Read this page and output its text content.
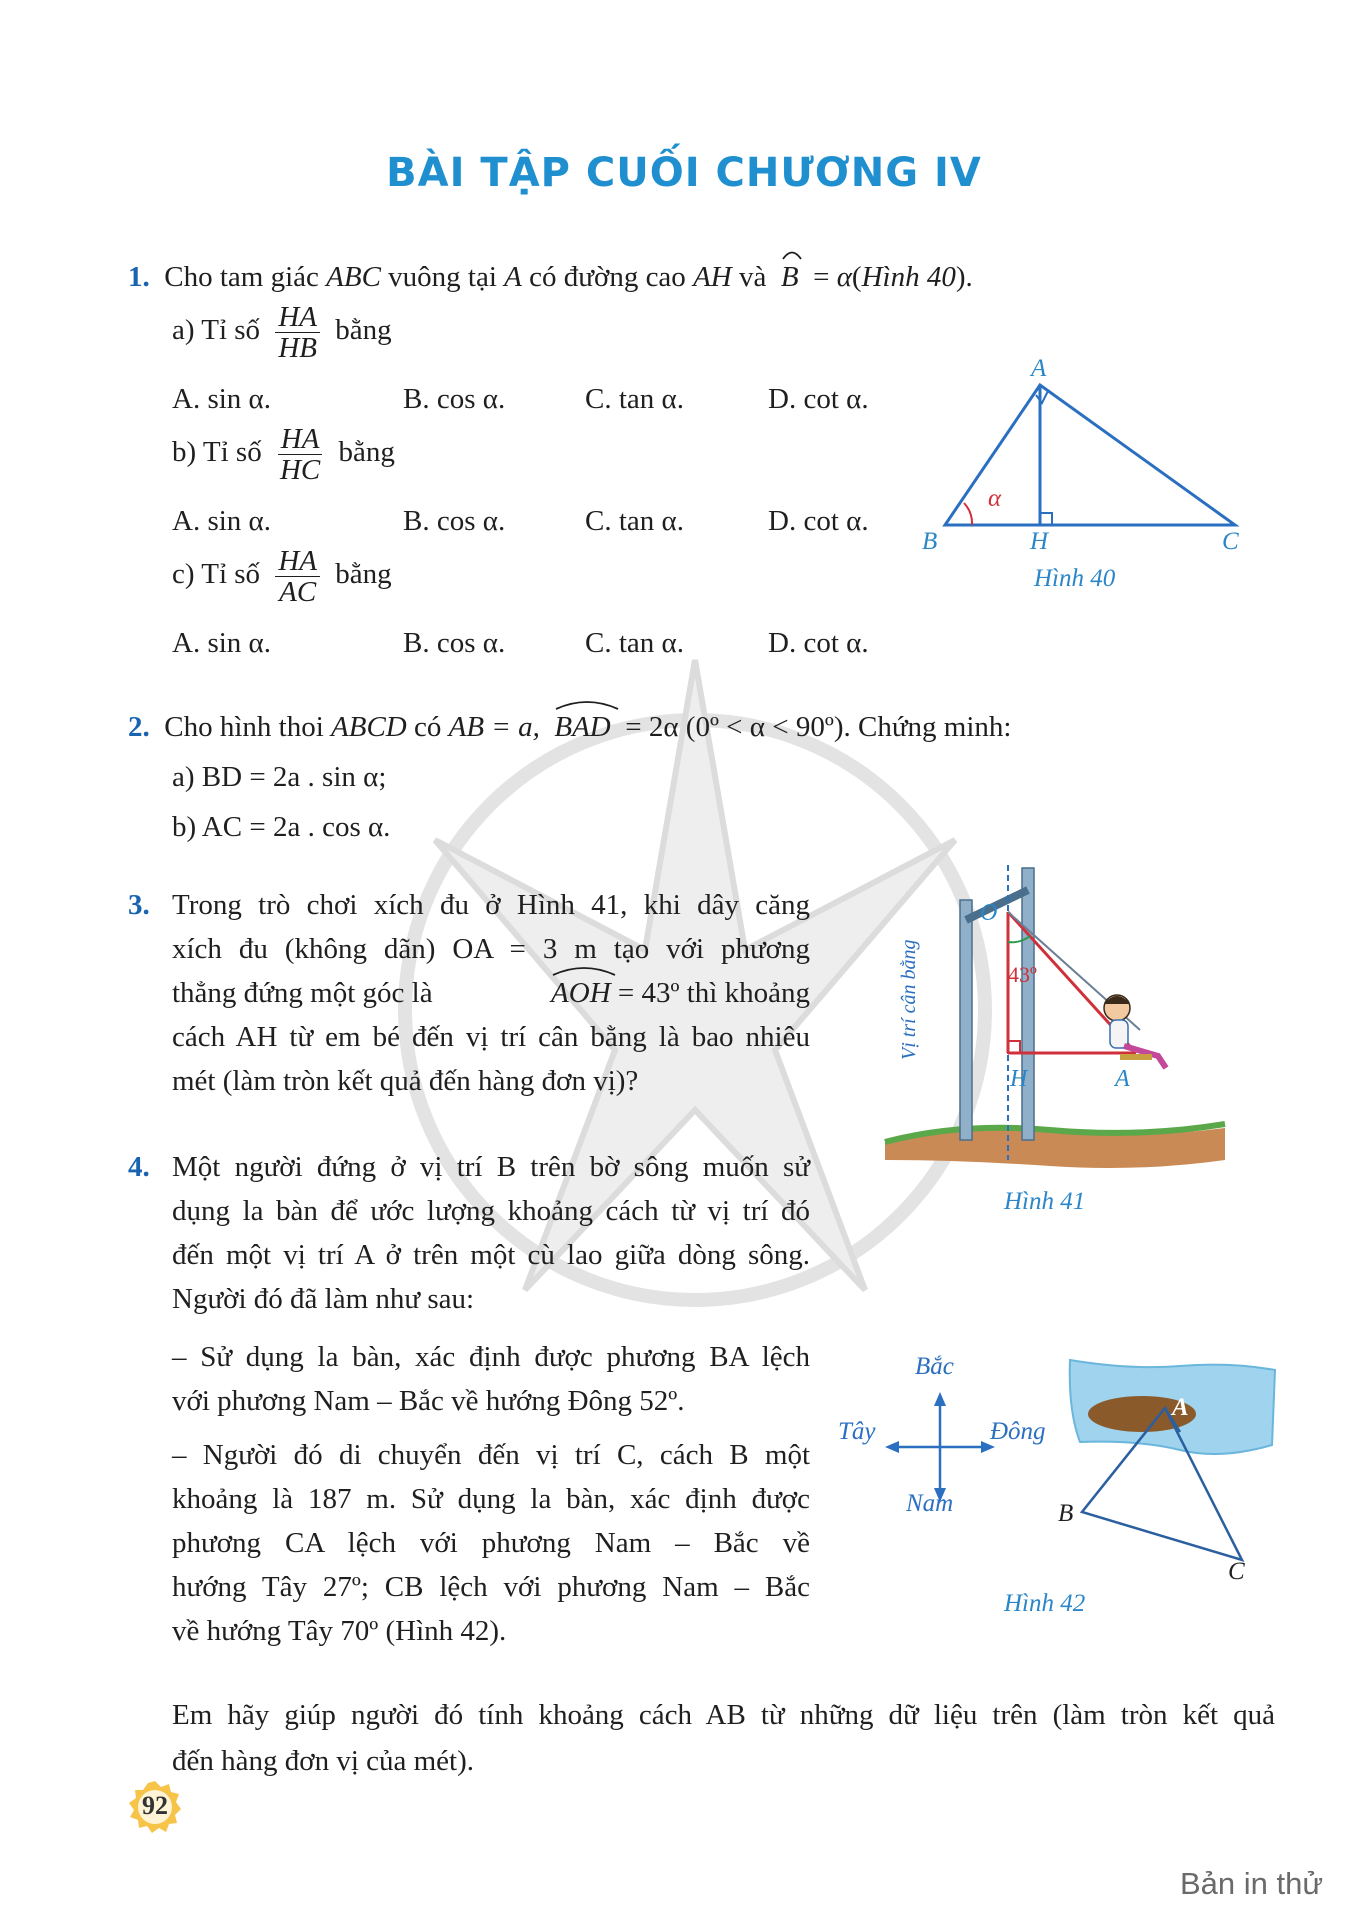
BÀI TẬP CUỐI CHƯƠNG IV
1. Cho tam giác ABC vuông tại A có đường cao AH và B = α(Hình 40).
a) Tỉ số $\frac{HA}{HB}$ bằng
A. sin α.	B. cos α.	C. tan α.	D. cot α.
b) Tỉ số $\frac{HA}{HC}$ bằng
A. sin α.	B. cos α.	C. tan α.	D. cot α.
c) Tỉ số $\frac{HA}{AC}$ bằng
A. sin α.	B. cos α.	C. tan α.	D. cot α.
A
B	H	C
α
Hình 40
2. Cho hình thoi ABCD có AB = a, BAD = 2α (0º < α < 90º). Chứng minh:
a) BD = 2a . sin α;
b) AC = 2a . cos α.
3. Trong trò chơi xích đu ở Hình 41, khi dây căng
xích đu (không dãn) OA = 3 m tạo với phương
thẳng đứng một góc là	AOH = 43º thì khoảng
cách AH từ em bé đến vị trí cân bằng là bao nhiêu
mét (làm tròn kết quả đến hàng đơn vị)?
O
H	A
43º
Vị trí cân bằng
Hình 41
4. Một người đứng ở vị trí B trên bờ sông muốn sử
dụng la bàn để ước lượng khoảng cách từ vị trí đó
đến một vị trí A ở trên một cù lao giữa dòng sông.
Người đó đã làm như sau:
– Sử dụng la bàn, xác định được phương BA lệch
với phương Nam – Bắc về hướng Đông 52º.
– Người đó di chuyển đến vị trí C, cách B một
khoảng là 187 m. Sử dụng la bàn, xác định được
phương CA lệch với phương Nam – Bắc về
hướng Tây 27º; CB lệch với phương Nam – Bắc
về hướng Tây 70º (Hình 42).
Bắc
Nam
Tây	Đông
A
B
C
Hình 42
Em hãy giúp người đó tính khoảng cách AB từ những dữ liệu trên (làm tròn kết quả
đến hàng đơn vị của mét).
92
Bản in thử
